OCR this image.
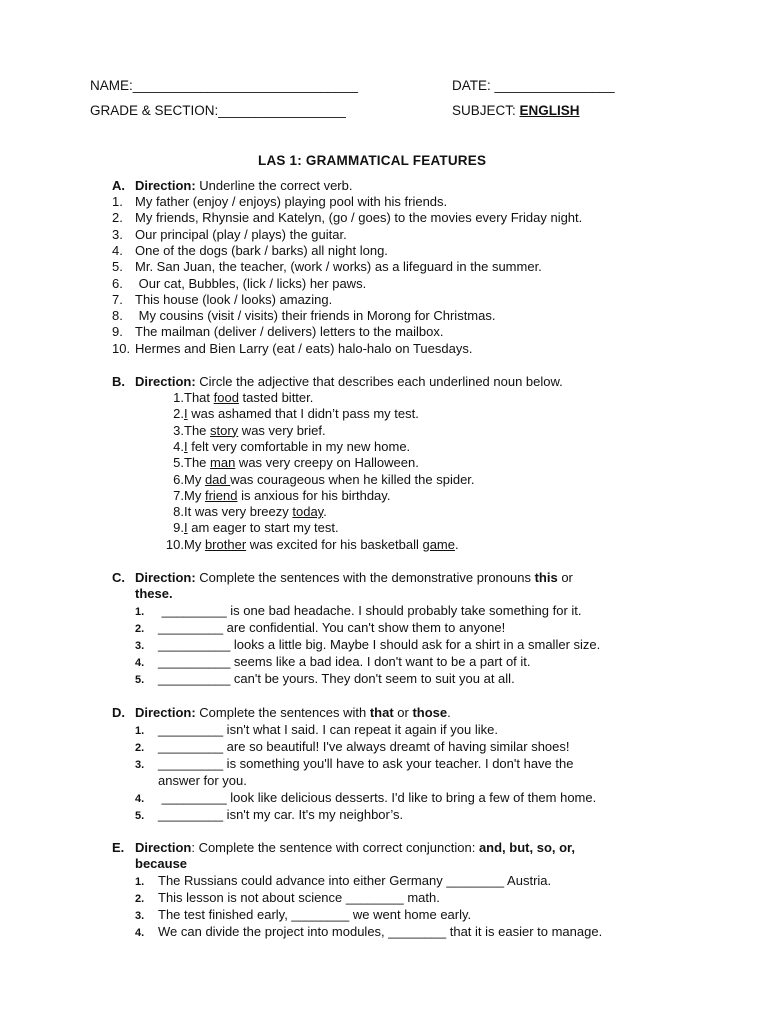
NAME:______________________________	DATE: ________________
GRADE & SECTION:_________________	SUBJECT: ENGLISH
LAS 1: GRAMMATICAL FEATURES
A. Direction: Underline the correct verb.
1. My father (enjoy / enjoys) playing pool with his friends.
2. My friends, Rhynsie and Katelyn, (go / goes) to the movies every Friday night.
3. Our principal (play / plays) the guitar.
4. One of the dogs (bark / barks) all night long.
5. Mr. San Juan, the teacher, (work / works) as a lifeguard in the summer.
6. Our cat, Bubbles, (lick / licks) her paws.
7. This house (look / looks) amazing.
8. My cousins (visit / visits) their friends in Morong for Christmas.
9. The mailman (deliver / delivers) letters to the mailbox.
10. Hermes and Bien Larry (eat / eats) halo-halo on Tuesdays.
B. Direction: Circle the adjective that describes each underlined noun below.
1.That food tasted bitter.
2.I was ashamed that I didn’t pass my test.
3.The story was very brief.
4.I felt very comfortable in my new home.
5.The man was very creepy on Halloween.
6.My dad was courageous when he killed the spider.
7.My friend is anxious for his birthday.
8.It was very breezy today.
9.I am eager to start my test.
10.My brother was excited for his basketball game.
C. Direction: Complete the sentences with the demonstrative pronouns this or
these.
1. _________ is one bad headache. I should probably take something for it.
2. _________ are confidential. You can't show them to anyone!
3. __________ looks a little big. Maybe I should ask for a shirt in a smaller size.
4. __________ seems like a bad idea. I don't want to be a part of it.
5. __________ can't be yours. They don't seem to suit you at all.
D. Direction: Complete the sentences with that or those.
1. _________ isn't what I said. I can repeat it again if you like.
2. _________ are so beautiful! I've always dreamt of having similar shoes!
3. _________ is something you'll have to ask your teacher. I don't have the
answer for you.
4. _________ look like delicious desserts. I'd like to bring a few of them home.
5. _________ isn't my car. It's my neighbor’s.
E. Direction: Complete the sentence with correct conjunction: and, but, so, or,
because
1. The Russians could advance into either Germany ________ Austria.
2. This lesson is not about science ________ math.
3. The test finished early, ________ we went home early.
4. We can divide the project into modules, ________ that it is easier to manage.
